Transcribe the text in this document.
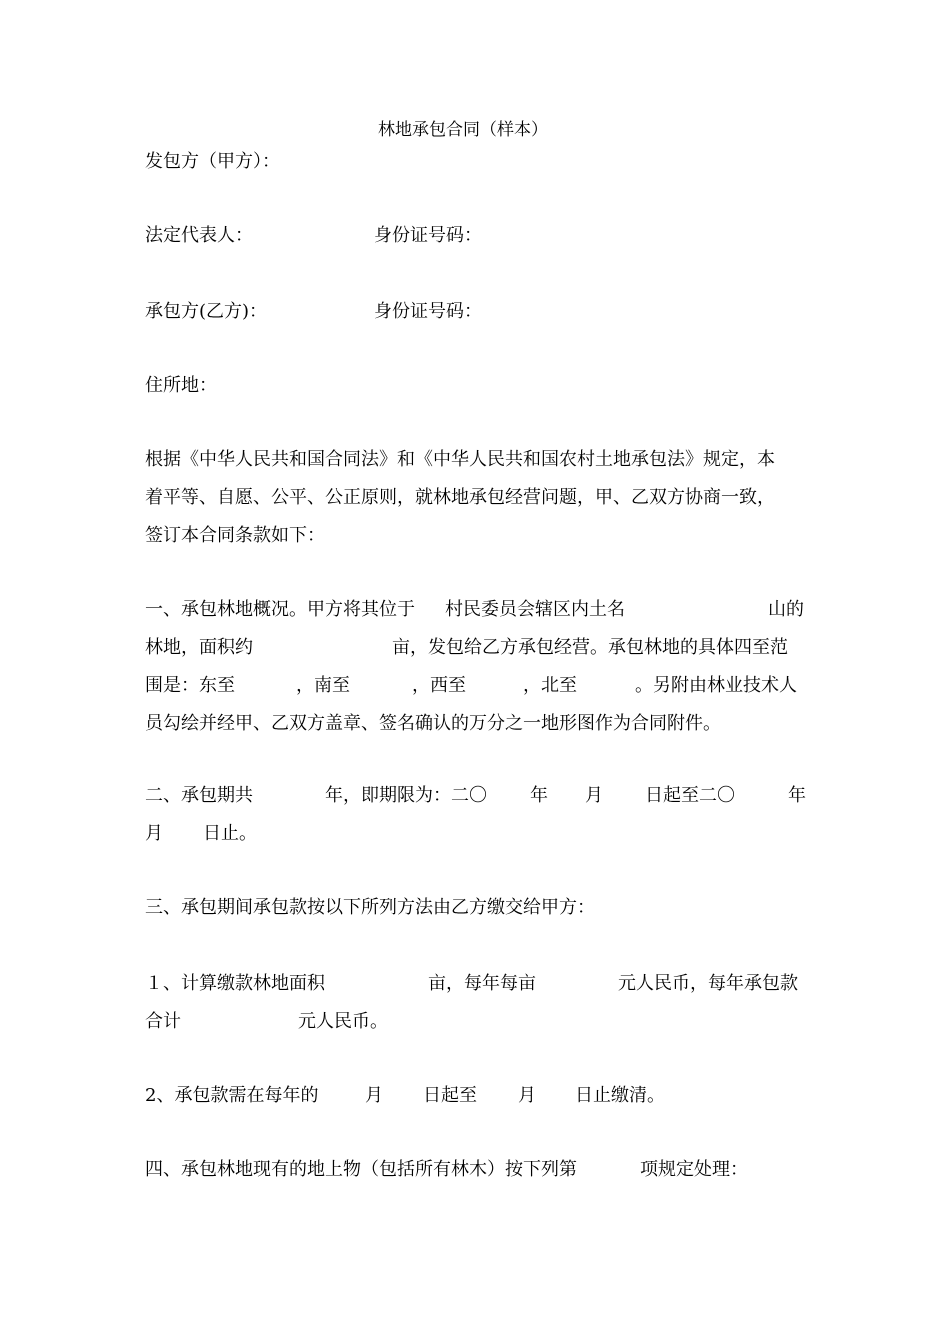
林地承包合同（样本）
发包方（甲方）：
法定代表人：	身份证号码：
承包方(乙方)：	身份证号码：
住所地：
根据《中华人民共和国合同法》和《中华人民共和国农村土地承包法》规定，本
着平等、自愿、公平、公正原则，就林地承包经营问题，甲、乙双方协商一致，
签订本合同条款如下：
一、承包林地概况。甲方将其位于 村民委员会辖区内土名	山的
林地，面积约	亩，发包给乙方承包经营。承包林地的具体四至范
围是：东至	，南至	，西至	，北至	。另附由林业技术人
员勾绘并经甲、乙双方盖章、签名确认的万分之一地形图作为合同附件。
二、承包期共	年，即期限为：二〇 年 月 日起至二〇	年
月 日止。
三、承包期间承包款按以下所列方法由乙方缴交给甲方：
１、计算缴款林地面积	亩，每年每亩	元人民币，每年承包款
合计	元人民币。
2、承包款需在每年的	月 日起至 月 日止缴清。
四、承包林地现有的地上物（包括所有林木）按下列第	项规定处理：
